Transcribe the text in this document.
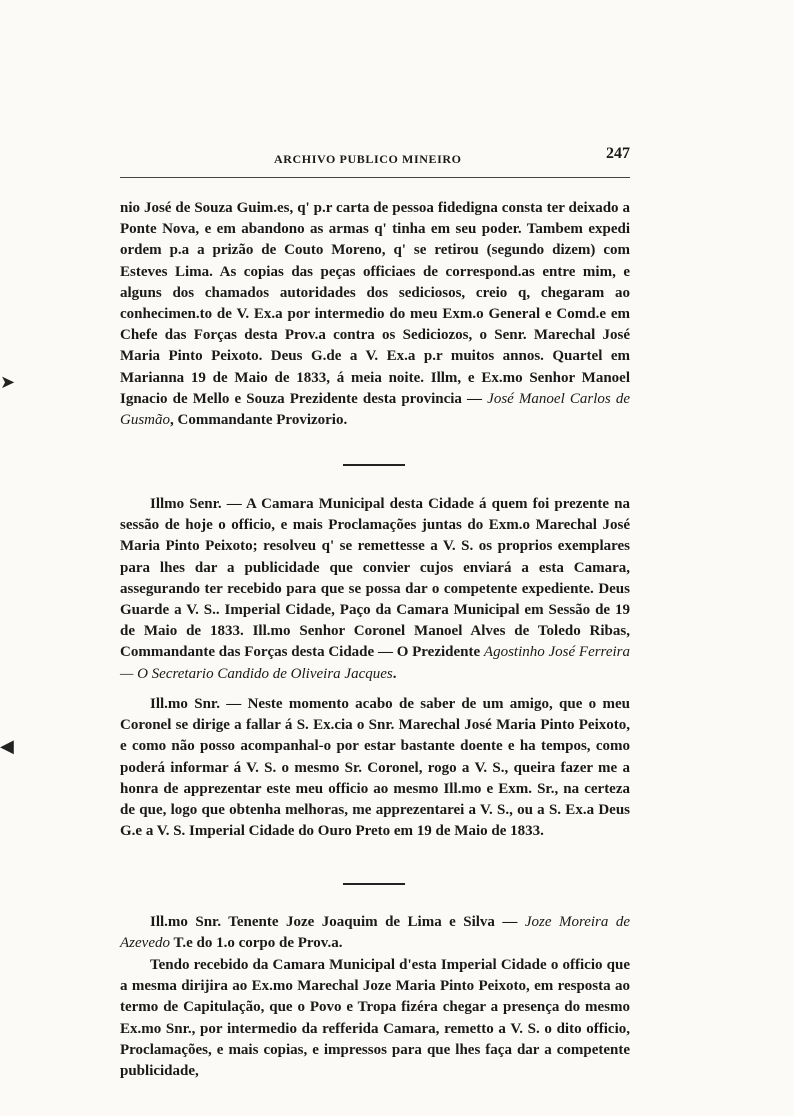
ARCHIVO PUBLICO MINEIRO	247

nio José de Souza Guim.es, q' p.r carta de pessoa fidedigna consta ter deixado a Ponte Nova, e em abandono as armas q' tinha em seu poder. Tambem expedi ordem p.a a prizão de Couto Moreno, q' se retirou (segundo dizem) com Esteves Lima. As copias das peças officiaes de correspond.as entre mim, e alguns dos chamados autoridades dos sediciosos, creio q, chegaram ao conhecimen.to de V. Ex.a por intermedio do meu Exm.o General e Comd.e em Chefe das Forças desta Prov.a contra os Sediciozos, o Senr. Marechal José Maria Pinto Peixoto. Deus G.de a V. Ex.a p.r muitos annos. Quartel em Marianna 19 de Maio de 1833, á meia noite. Illm, e Ex.mo Senhor Manoel Ignacio de Mello e Souza Prezidente desta provincia — José Manoel Carlos de Gusmão, Commandante Provizorio.

Illmo Senr. — A Camara Municipal desta Cidade á quem foi prezente na sessão de hoje o officio, e mais Proclamações juntas do Exm.o Marechal José Maria Pinto Peixoto; resolveu q' se remettesse a V. S. os proprios exemplares para lhes dar a publicidade que convier cujos enviará a esta Camara, assegurando ter recebido para que se possa dar o competente expediente. Deus Guarde a V. S.. Imperial Cidade, Paço da Camara Municipal em Sessão de 19 de Maio de 1833. Ill.mo Senhor Coronel Manoel Alves de Toledo Ribas, Commandante das Forças desta Cidade — O Prezidente Agostinho José Ferreira — O Secretario Candido de Oliveira Jacques.

Ill.mo Snr. — Neste momento acabo de saber de um amigo, que o meu Coronel se dirige a fallar á S. Ex.cia o Snr. Marechal José Maria Pinto Peixoto, e como não posso acompanhal-o por estar bastante doente e ha tempos, como poderá informar á V. S. o mesmo Sr. Coronel, rogo a V. S., queira fazer me a honra de apprezentar este meu officio ao mesmo Ill.mo e Exm. Sr., na certeza de que, logo que obtenha melhoras, me apprezentarei a V. S., ou a S. Ex.a Deus G.e a V. S. Imperial Cidade do Ouro Preto em 19 de Maio de 1833.

Ill.mo Snr. Tenente Joze Joaquim de Lima e Silva — Joze Moreira de Azevedo T.e do 1.o corpo de Prov.a.

Tendo recebido da Camara Municipal d'esta Imperial Cidade o officio que a mesma dirijira ao Ex.mo Marechal Joze Maria Pinto Peixoto, em resposta ao termo de Capitulação, que o Povo e Tropa fizéra chegar a presença do mesmo Ex.mo Snr., por intermedio da refferida Camara, remetto a V. S. o dito officio, Proclamações, e mais copias, e impressos para que lhes faça dar a competente publicidade,

➤
◀
